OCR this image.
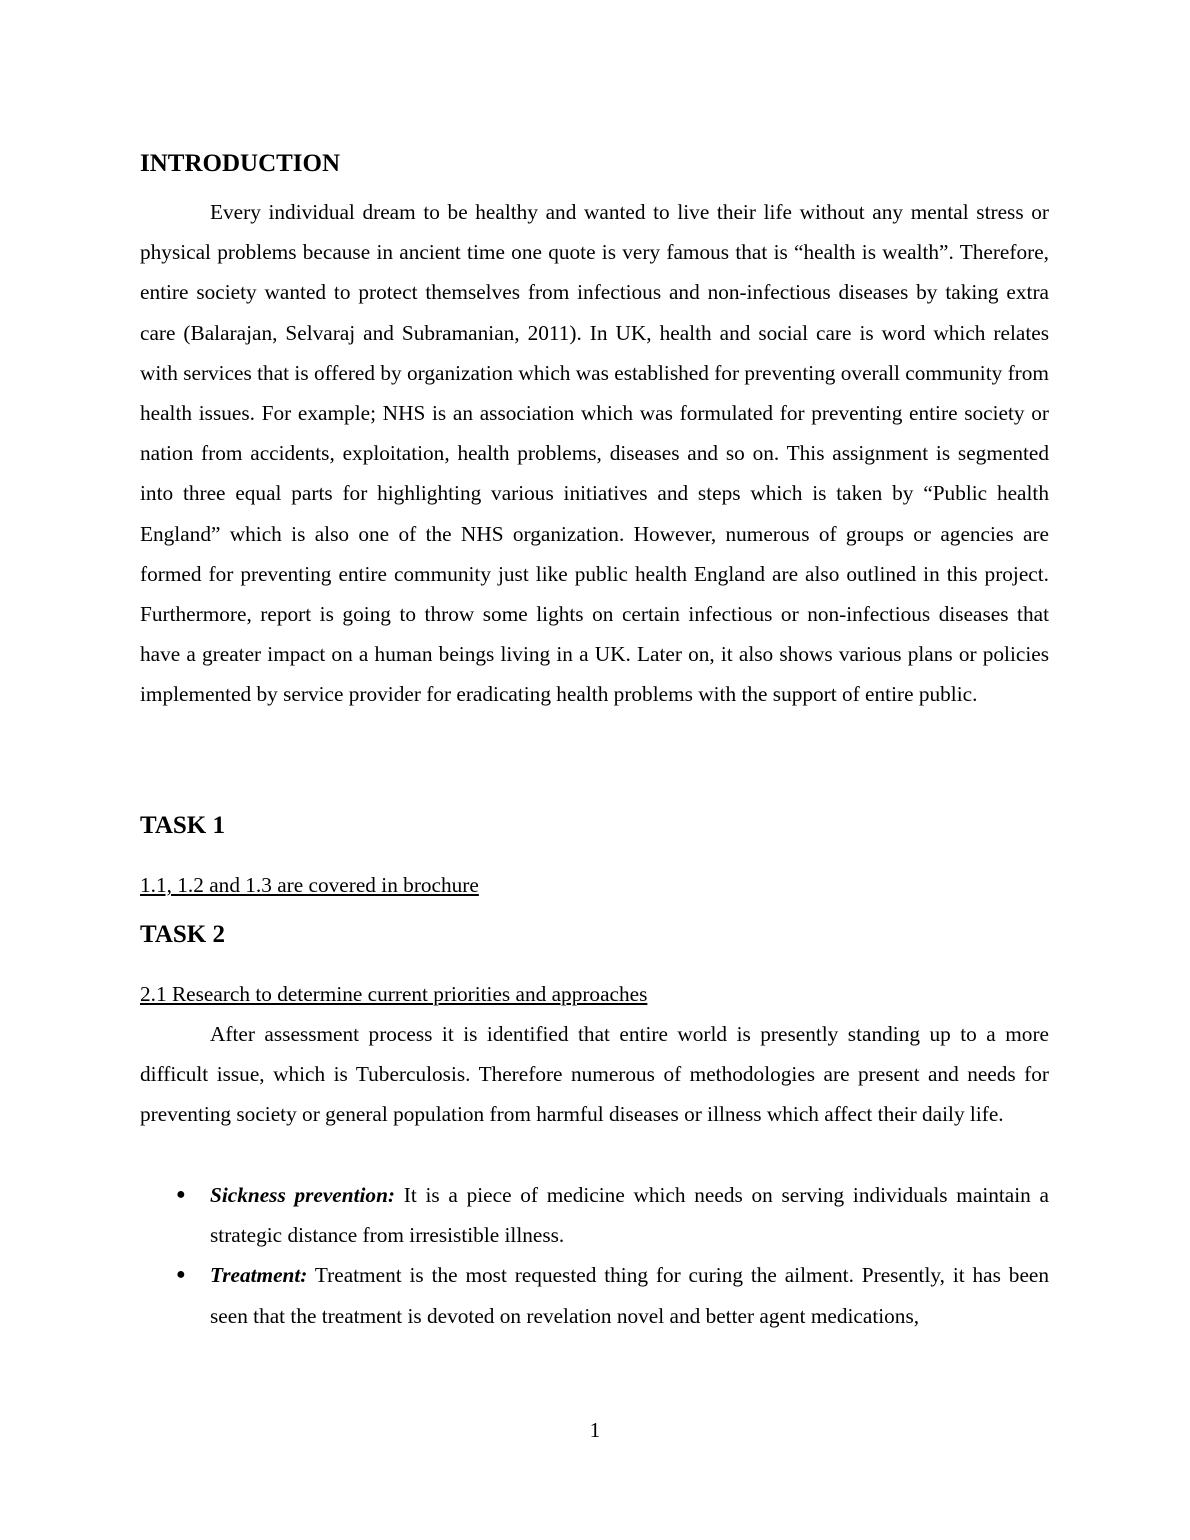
INTRODUCTION

Every individual dream to be healthy and wanted to live their life without any mental stress or physical problems because in ancient time one quote is very famous that is “health is wealth”. Therefore, entire society wanted to protect themselves from infectious and non-infectious diseases by taking extra care (Balarajan, Selvaraj and Subramanian, 2011). In UK, health and social care is word which relates with services that is offered by organization which was established for preventing overall community from health issues. For example; NHS is an association which was formulated for preventing entire society or nation from accidents, exploitation, health problems, diseases and so on. This assignment is segmented into three equal parts for highlighting various initiatives and steps which is taken by “Public health England” which is also one of the NHS organization. However, numerous of groups or agencies are formed for preventing entire community just like public health England are also outlined in this project. Furthermore, report is going to throw some lights on certain infectious or non-infectious diseases that have a greater impact on a human beings living in a UK. Later on, it also shows various plans or policies implemented by service provider for eradicating health problems with the support of entire public.

TASK 1

1.1, 1.2 and 1.3 are covered in brochure

TASK 2

2.1 Research to determine current priorities and approaches

After assessment process it is identified that entire world is presently standing up to a more difficult issue, which is Tuberculosis. Therefore numerous of methodologies are present and needs for preventing society or general population from harmful diseases or illness which affect their daily life.

● Sickness prevention: It is a piece of medicine which needs on serving individuals maintain a strategic distance from irresistible illness.
● Treatment: Treatment is the most requested thing for curing the ailment. Presently, it has been seen that the treatment is devoted on revelation novel and better agent medications,
1
